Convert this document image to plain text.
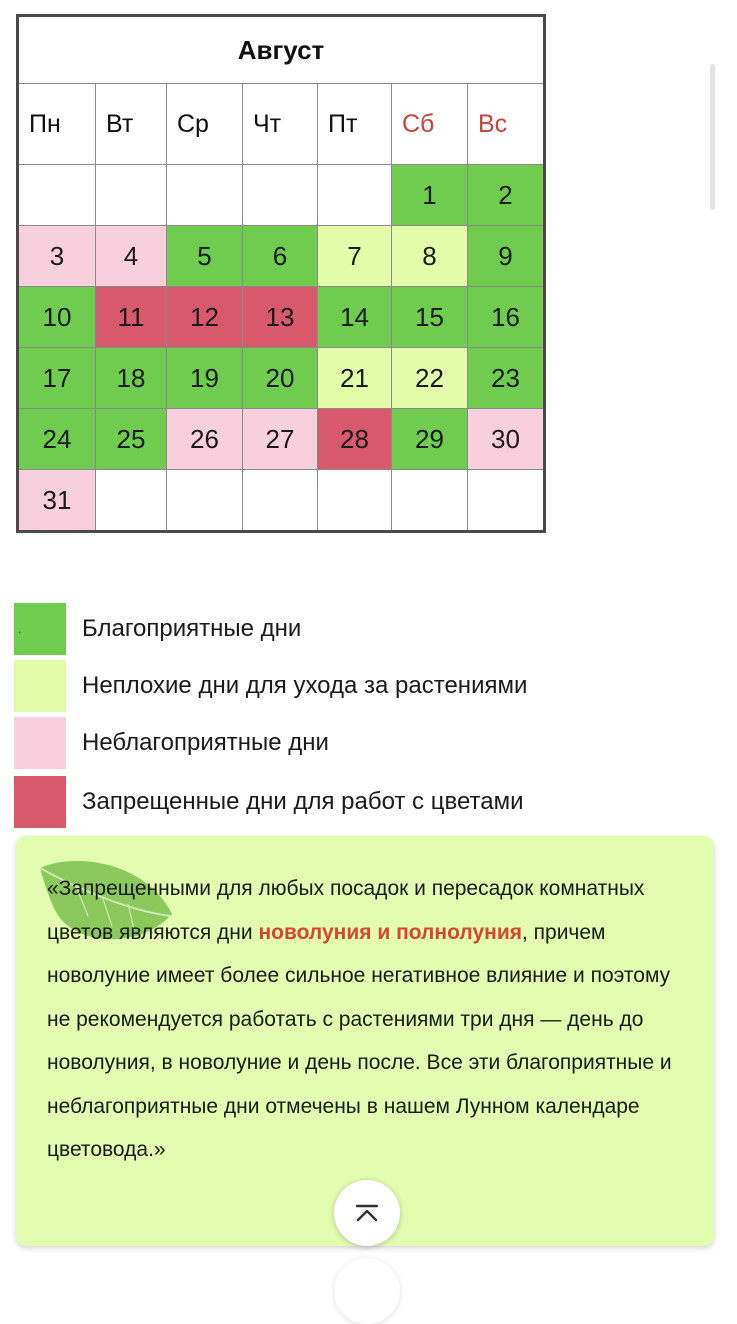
Август						
Пн	Вт	Ср	Чт	Пт	Сб	Вс
					1	2
3	4	5	6	7	8	9
10	11	12	13	14	15	16
17	18	19	20	21	22	23
24	25	26	27	28	29	30
31						
.	Благоприятные дни
Неплохие дни для ухода за растениями
Неблагоприятные дни
Запрещенные дни для работ с цветами

«Запрещенными для любых посадок и пересадок комнатных цветов являются дни новолуния и полнолуния, причем новолуние имеет более сильное негативное влияние и поэтому не рекомендуется работать с растениями три дня — день до новолуния, в новолуние и день после. Все эти благоприятные и неблагоприятные дни отмечены в нашем Лунном календаре цветовода.»
